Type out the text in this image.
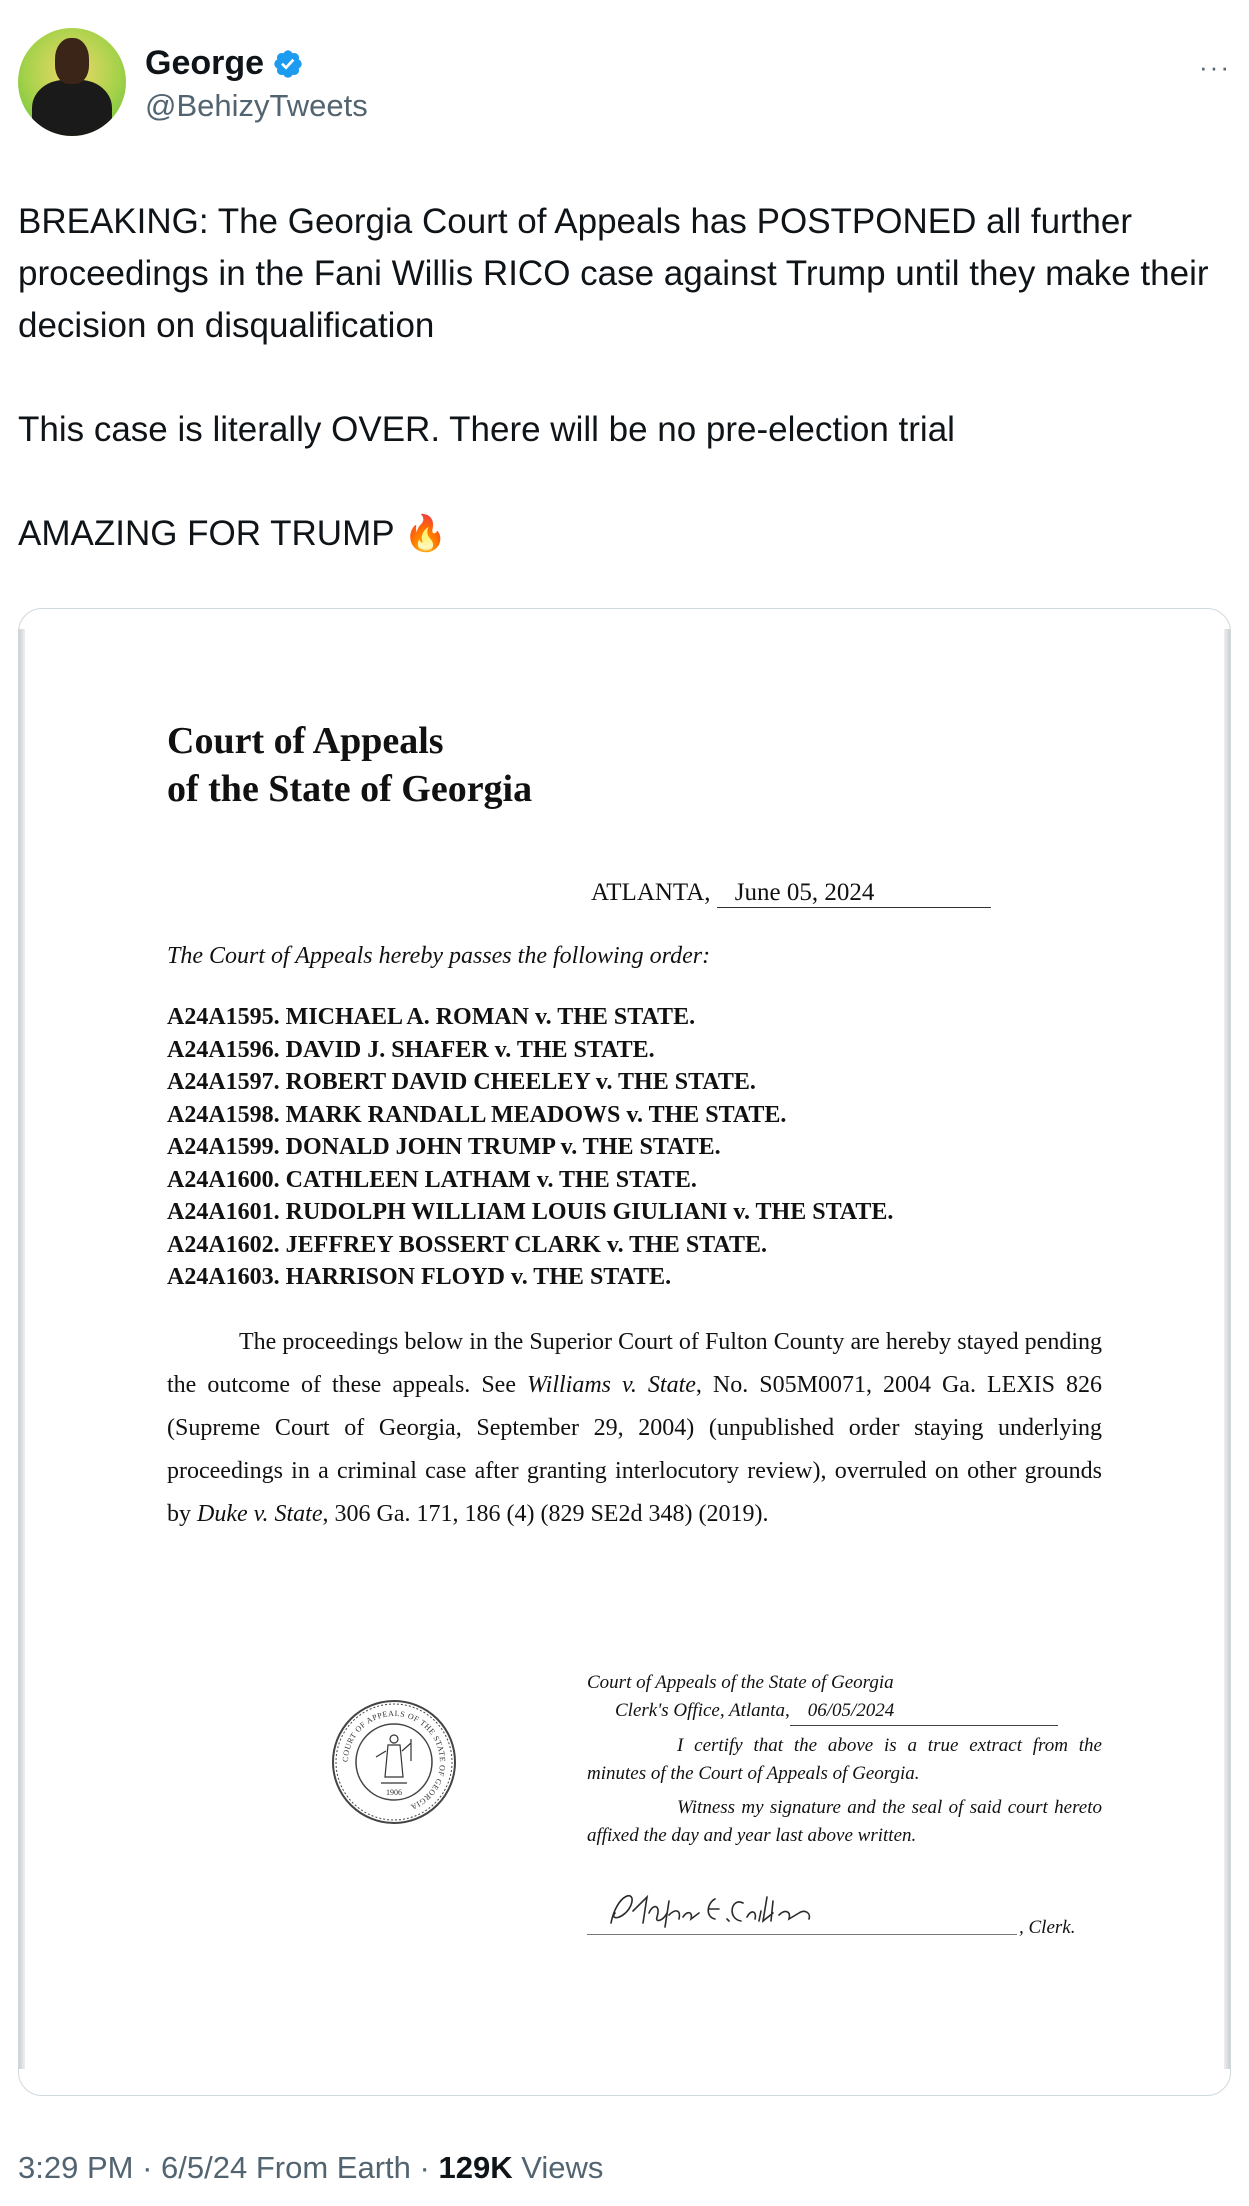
George
@BehizyTweets
···
BREAKING: The Georgia Court of Appeals has POSTPONED all further proceedings in the Fani Willis RICO case against Trump until they make their decision on disqualification

This case is literally OVER. There will be no pre-election trial

AMAZING FOR TRUMP 🔥
Court of Appeals
of the State of Georgia
ATLANTA, June 05, 2024
The Court of Appeals hereby passes the following order:
A24A1595. MICHAEL A. ROMAN v. THE STATE.
A24A1596. DAVID J. SHAFER v. THE STATE.
A24A1597. ROBERT DAVID CHEELEY v. THE STATE.
A24A1598. MARK RANDALL MEADOWS v. THE STATE.
A24A1599. DONALD JOHN TRUMP v. THE STATE.
A24A1600. CATHLEEN LATHAM v. THE STATE.
A24A1601. RUDOLPH WILLIAM LOUIS GIULIANI v. THE STATE.
A24A1602. JEFFREY BOSSERT CLARK v. THE STATE.
A24A1603. HARRISON FLOYD v. THE STATE.

The proceedings below in the Superior Court of Fulton County are hereby stayed pending the outcome of these appeals. See Williams v. State, No. S05M0071, 2004 Ga. LEXIS 826 (Supreme Court of Georgia, September 29, 2004) (unpublished order staying underlying proceedings in a criminal case after granting interlocutory review), overruled on other grounds by Duke v. State, 306 Ga. 171, 186 (4) (829 SE2d 348) (2019).

COURT OF APPEALS OF THE STATE OF GEORGIA
1906
Court of Appeals of the State of Georgia
Clerk's Office, Atlanta, 06/05/2024
I certify that the above is a true extract from the minutes of the Court of Appeals of Georgia.
Witness my signature and the seal of said court hereto affixed the day and year last above written.
, Clerk.
3:29 PM · 6/5/24 From Earth · 129K Views
